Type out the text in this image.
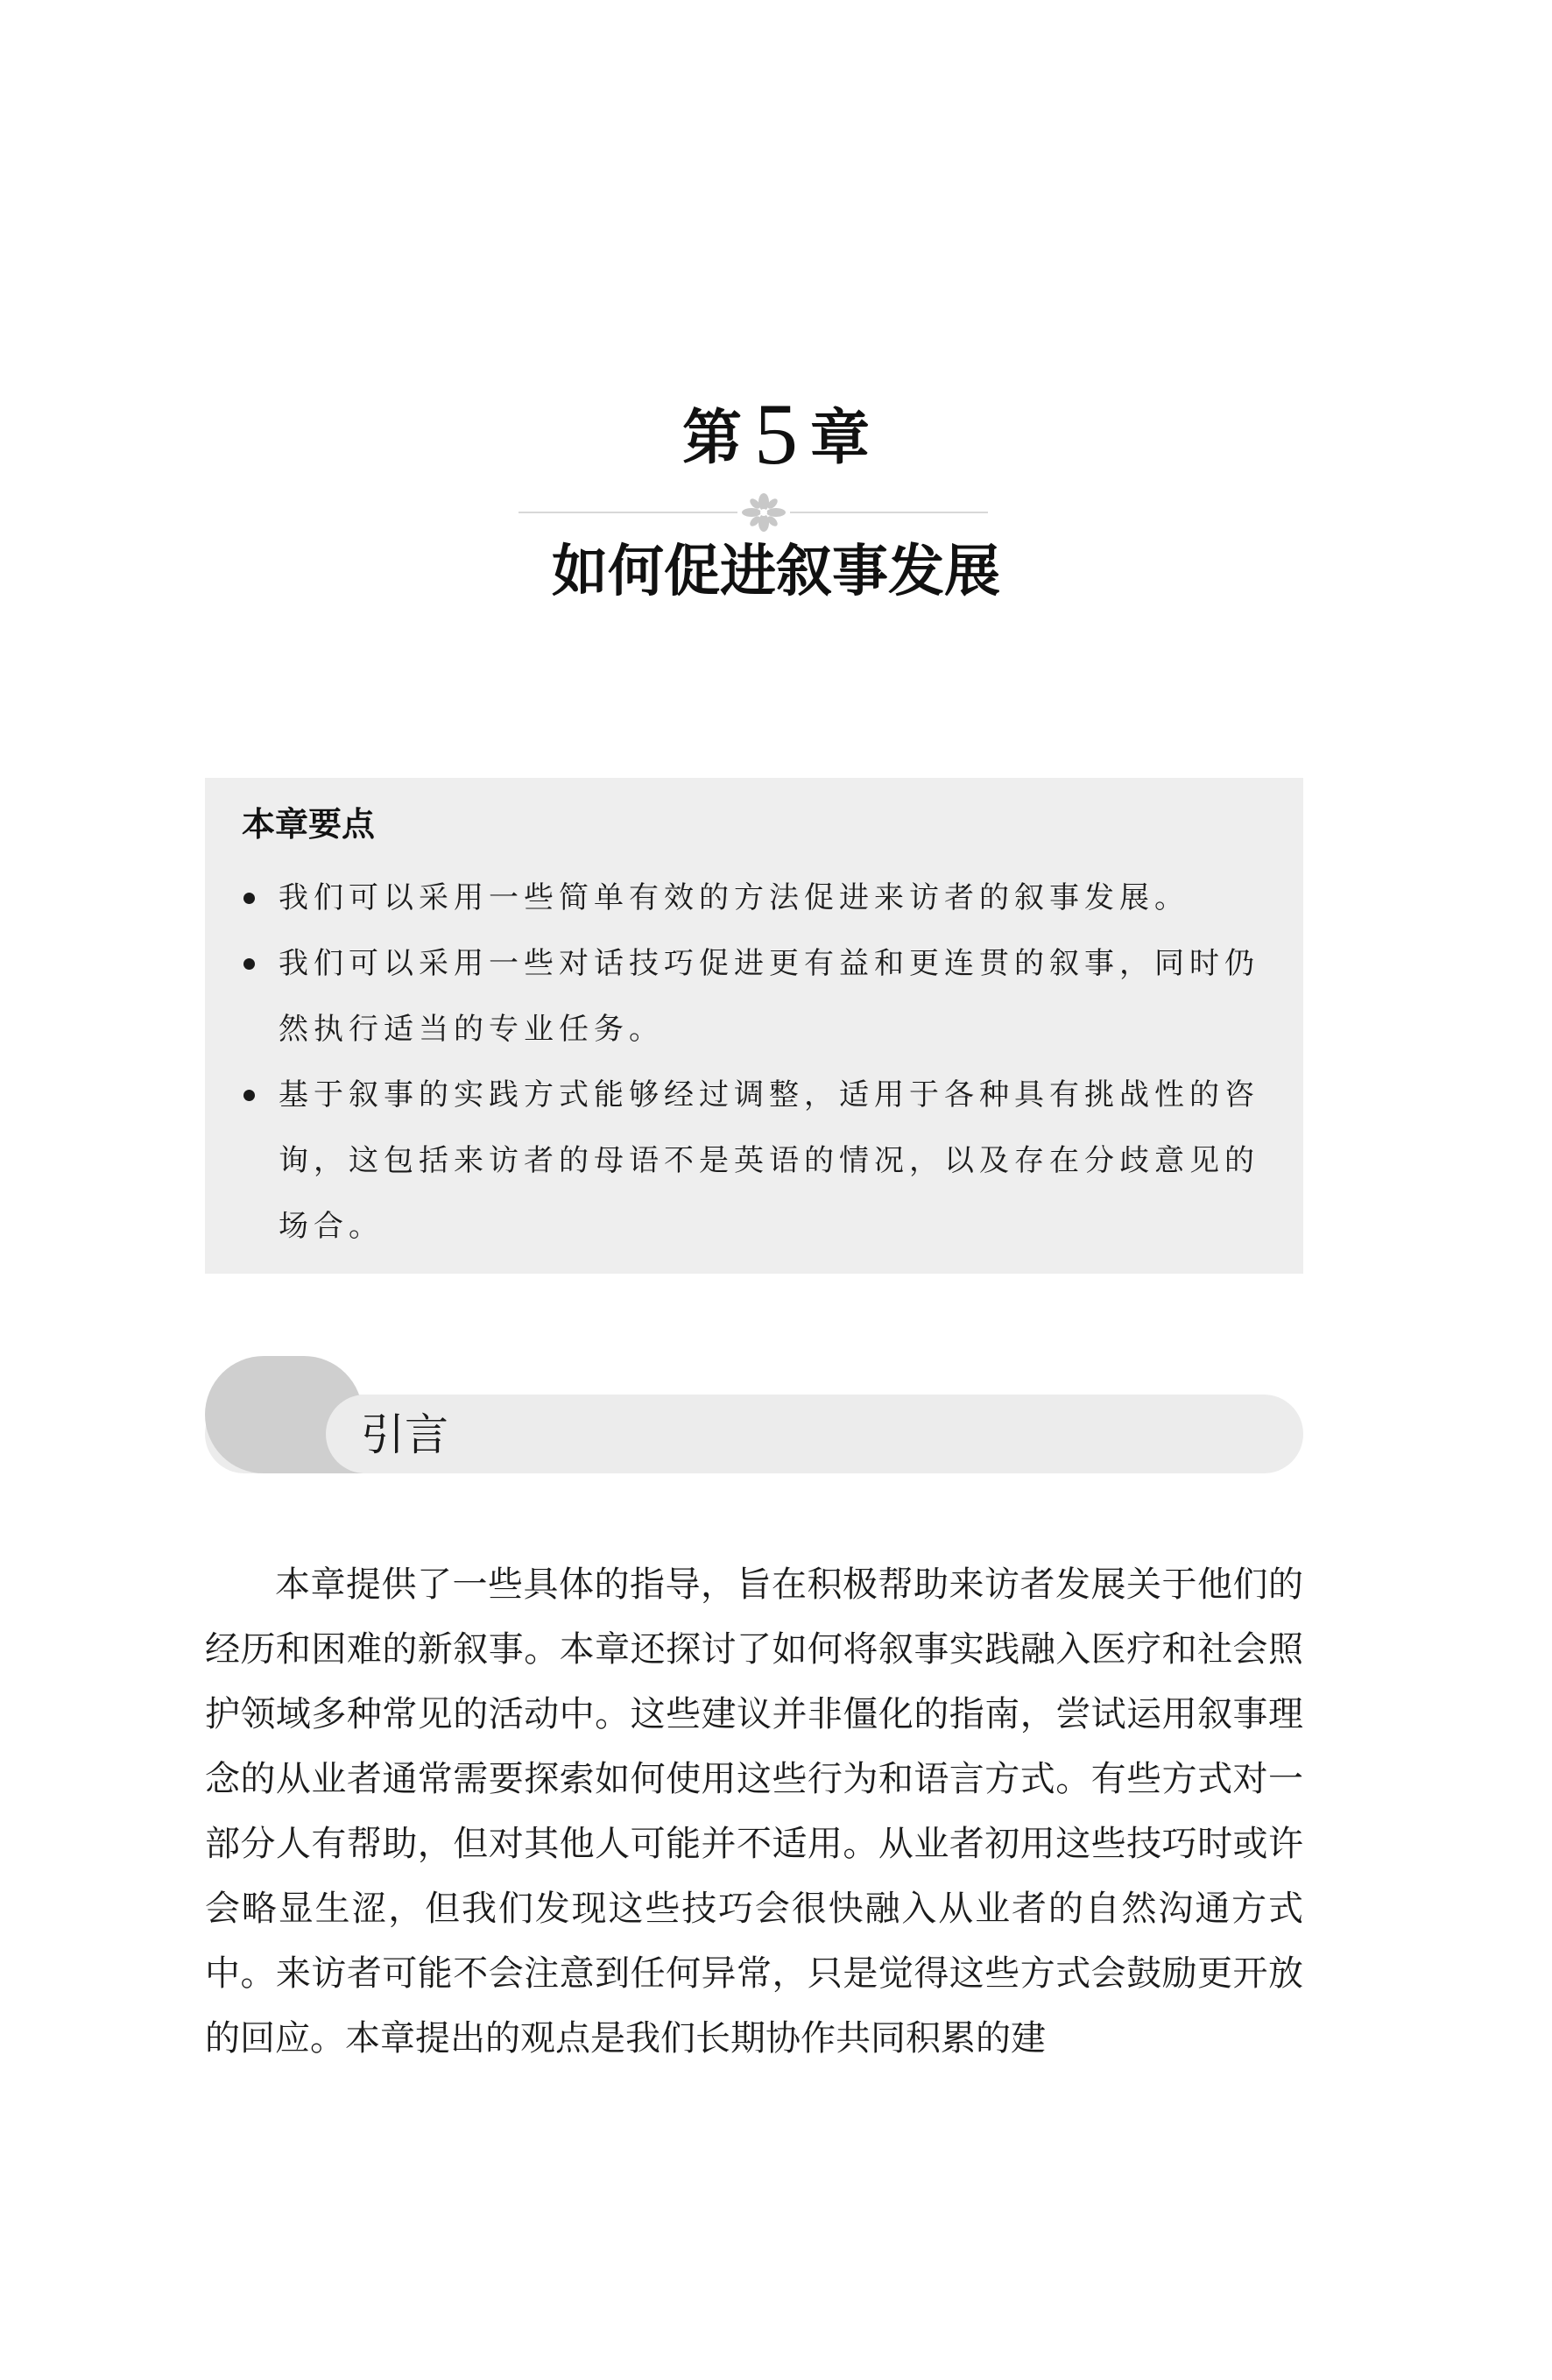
第 5 章
如何促进叙事发展
本章要点
我们可以采用一些简单有效的方法促进来访者的叙事发展。
我们可以采用一些对话技巧促进更有益和更连贯的叙事，同时仍然执行适当的专业任务。
基于叙事的实践方式能够经过调整，适用于各种具有挑战性的咨询，这包括来访者的母语不是英语的情况，以及存在分歧意见的场合。
引言

本章提供了一些具体的指导，旨在积极帮助来访者发展关于他们的经历和困难的新叙事。本章还探讨了如何将叙事实践融入医疗和社会照护领域多种常见的活动中。这些建议并非僵化的指南，尝试运用叙事理念的从业者通常需要探索如何使用这些行为和语言方式。有些方式对一部分人有帮助，但对其他人可能并不适用。从业者初用这些技巧时或许会略显生涩，但我们发现这些技巧会很快融入从业者的自然沟通方式中。来访者可能不会注意到任何异常，只是觉得这些方式会鼓励更开放的回应。本章提出的观点是我们长期协作共同积累的建
